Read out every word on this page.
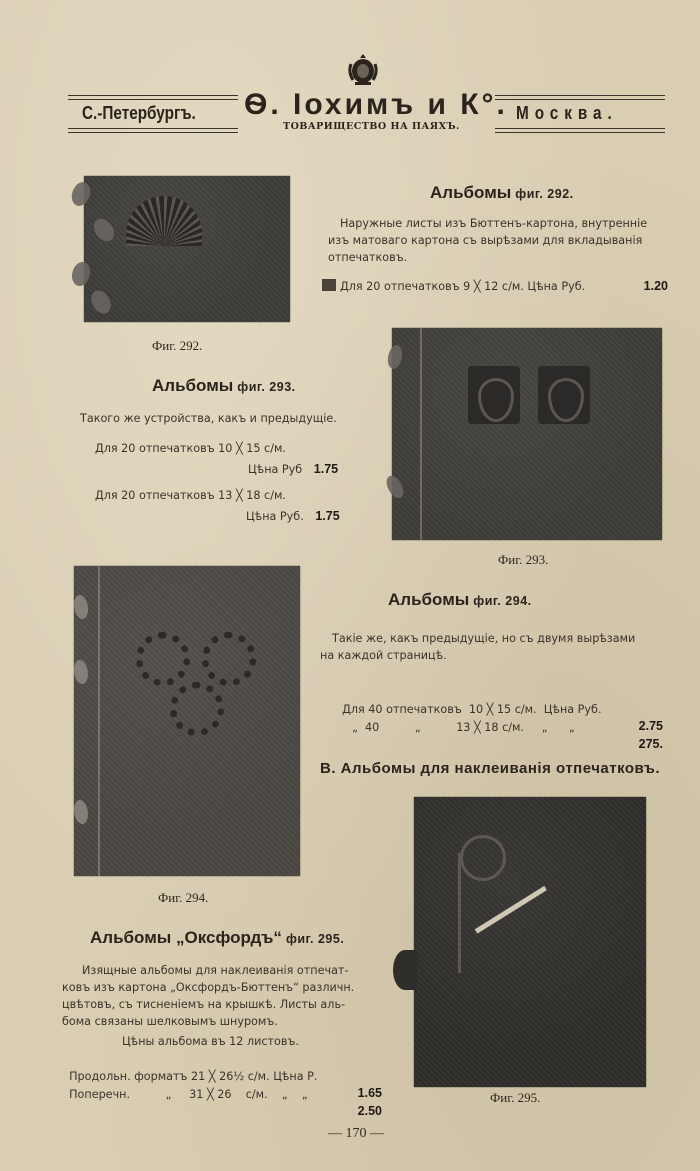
С.-Петербургъ. Ѳ. Іохимъ и К°.
ТОВАРИЩЕСТВО НА ПАЯХЪ.
Москва.
Фиг. 292.
Альбомы фиг. 292.
Наружные листы изъ Бюттенъ-картона, внутренніе
изъ матоваго картона съ вырѣзами для вкладыванія
отпечатковъ.
Для 20 отпечатковъ 9 ╳ 12 с/м. Цѣна Руб.	1.20
Альбомы фиг. 293.
Такого же устройства, какъ и предыдущіе.
Для 20 отпечатковъ 10 ╳ 15 с/м.
Цѣна Руб 1.75
Для 20 отпечатковъ 13 ╳ 18 с/м.
Цѣна Руб. 1.75
Фиг. 293.
Фиг. 294.
Альбомы фиг. 294.
Такіе же, какъ предыдущіе, но съ двумя вырѣзами
на каждой страницѣ.

Для 40 отпечатковъ  10 ╳ 15 с/м.  Цѣна Руб.

2.75

„  40          „          13 ╳ 18 с/м.     „      „

275.

В. Альбомы для наклеиванія отпечатковъ.
Фиг. 295.
Альбомы „Оксфордъ“ фиг. 295.
Изящные альбомы для наклеиванія отпечат-
ковъ изъ картона „Оксфордъ-Бюттенъ“ различн.
цвѣтовъ, съ тисненіемъ на крышкѣ. Листы аль-
бома связаны шелковымъ шнуромъ.
Цѣны альбома въ 12 листовъ.

Продольн. форматъ 21 ╳ 26½ с/м. Цѣна Р.

1.65

Поперечн.          „     31 ╳ 26    с/м.    „    „

2.50

— 170 —
